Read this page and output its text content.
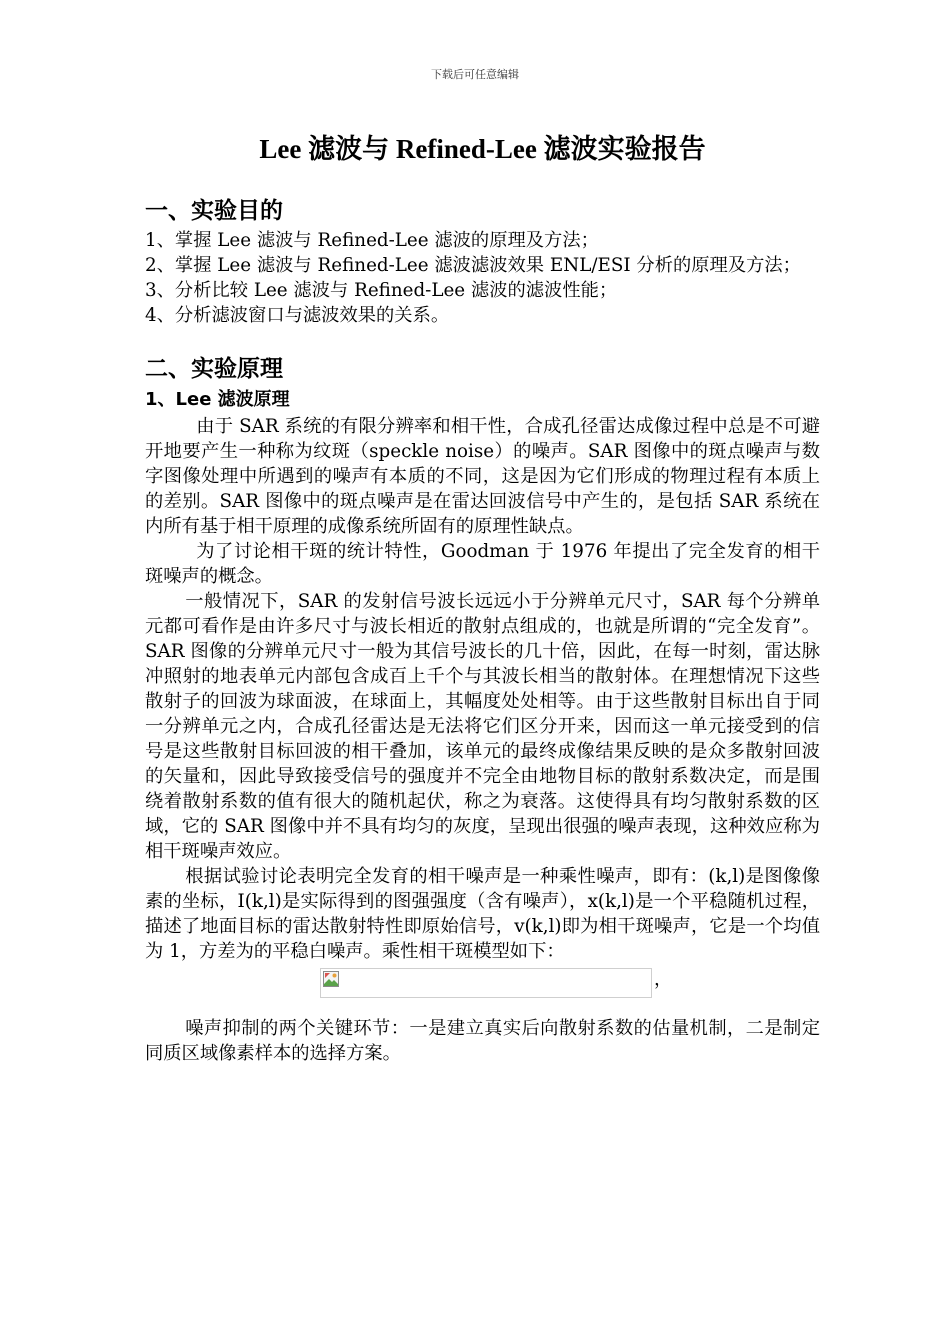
下载后可任意编辑
Lee 滤波与 Refined-Lee 滤波实验报告
一、实验目的

1、掌握 Lee 滤波与 Refined-Lee 滤波的原理及方法；

2、掌握 Lee 滤波与 Refined-Lee 滤波滤波效果 ENL/ESI 分析的原理及方法；

3、分析比较 Lee 滤波与 Refined-Lee 滤波的滤波性能；

4、分析滤波窗口与滤波效果的关系。

二、实验原理
1、Lee 滤波原理

由于 SAR 系统的有限分辨率和相干性，合成孔径雷达成像过程中总是不可避开地要产生一种称为纹斑（speckle noise）的噪声。SAR 图像中的斑点噪声与数字图像处理中所遇到的噪声有本质的不同，这是因为它们形成的物理过程有本质上的差别。SAR 图像中的斑点噪声是在雷达回波信号中产生的，是包括 SAR 系统在内所有基于相干原理的成像系统所固有的原理性缺点。

为了讨论相干斑的统计特性，Goodman 于 1976 年提出了完全发育的相干斑噪声的概念。

一般情况下，SAR 的发射信号波长远远小于分辨单元尺寸，SAR 每个分辨单元都可看作是由许多尺寸与波长相近的散射点组成的，也就是所谓的“完全发育”。SAR 图像的分辨单元尺寸一般为其信号波长的几十倍，因此，在每一时刻，雷达脉冲照射的地表单元内部包含成百上千个与其波长相当的散射体。在理想情况下这些散射子的回波为球面波，在球面上，其幅度处处相等。由于这些散射目标出自于同一分辨单元之内，合成孔径雷达是无法将它们区分开来，因而这一单元接受到的信号是这些散射目标回波的相干叠加，该单元的最终成像结果反映的是众多散射回波的矢量和，因此导致接受信号的强度并不完全由地物目标的散射系数决定，而是围绕着散射系数的值有很大的随机起伏，称之为衰落。这使得具有均匀散射系数的区域，它的 SAR 图像中并不具有均匀的灰度，呈现出很强的噪声表现，这种效应称为相干斑噪声效应。

根据试验讨论表明完全发育的相干噪声是一种乘性噪声，即有：(k,l)是图像像素的坐标，I(k,l)是实际得到的图强强度（含有噪声），x(k,l)是一个平稳随机过程，描述了地面目标的雷达散射特性即原始信号，v(k,l)即为相干斑噪声，它是一个均值为 1，方差为的平稳白噪声。乘性相干斑模型如下：

，

噪声抑制的两个关键环节：一是建立真实后向散射系数的估量机制，二是制定同质区域像素样本的选择方案。
